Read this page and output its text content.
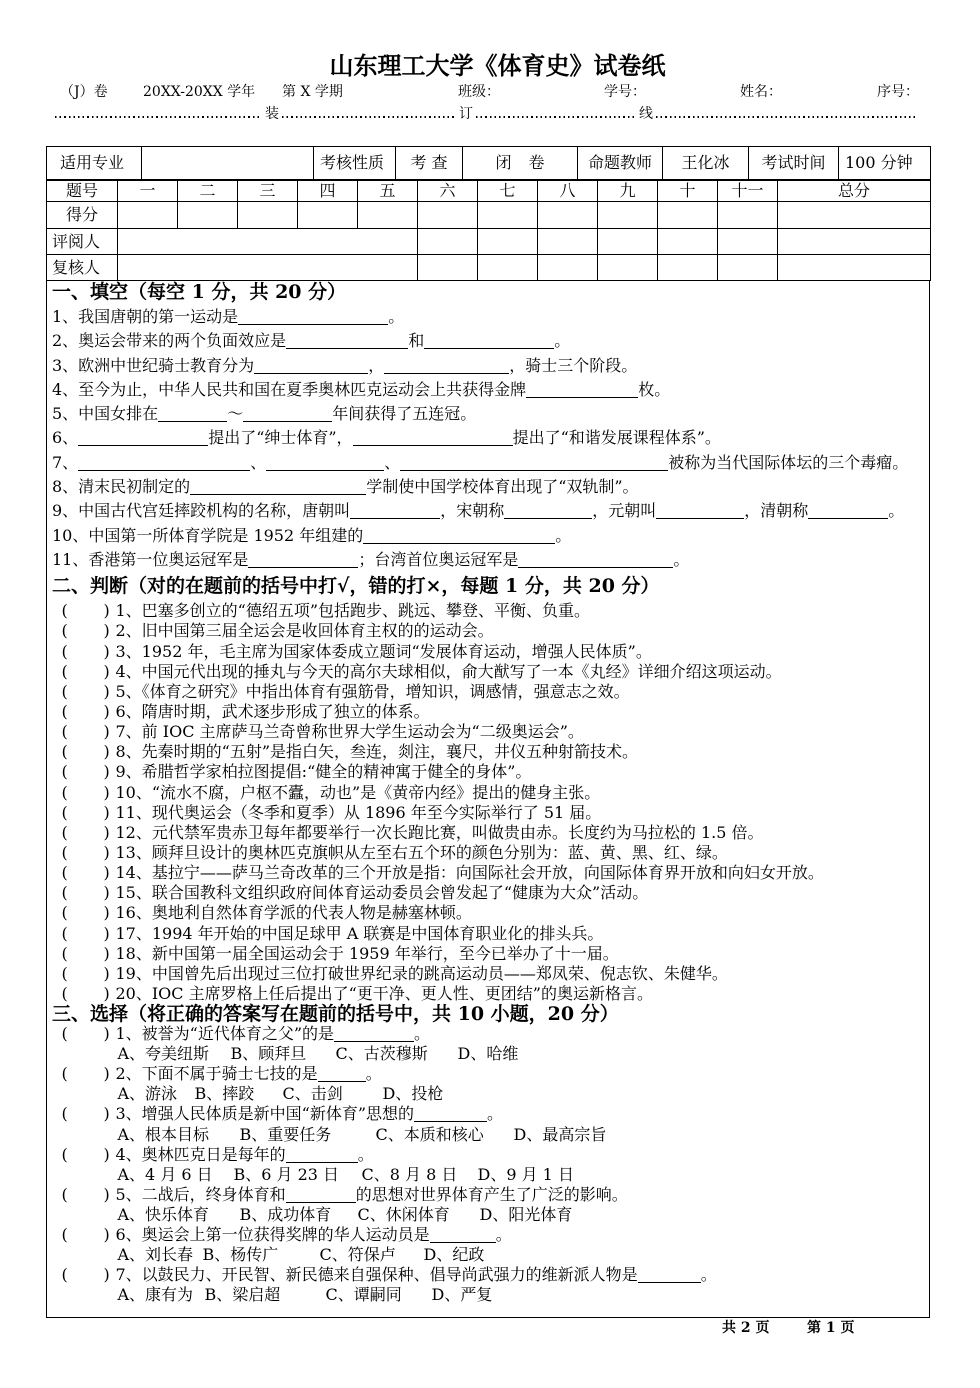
山东理工大学《体育史》试卷纸
（J）卷	20XX-20XX 学年 第 X 学期	班级：	学号：	姓名：	序号：
装	订	线
适用专业		考核性质	考 查	闭 卷	命题教师	王化冰	考试时间	100 分钟
题号	一	二	三	四	五	六	七	八	九	十	十一	总分
得分												
评阅人												
复核人												
一、填空（每空 1 分，共 20 分）
1、我国唐朝的第一运动是	。
2、奥运会带来的两个负面效应是	和	。
3、欧洲中世纪骑士教育分为	，	，骑士三个阶段。
4、至今为止，中华人民共和国在夏季奥林匹克运动会上共获得金牌	枚。
5、中国女排在	～	年间获得了五连冠。
6、	提出了“绅士体育”，	提出了“和谐发展课程体系”。
7、	、	、	被称为当代国际体坛的三个毒瘤。
8、清末民初制定的	学制使中国学校体育出现了“双轨制”。
9、中国古代宫廷摔跤机构的名称，唐朝叫	，宋朝称	，元朝叫	，清朝称	。
10、中国第一所体育学院是 1952 年组建的	。
11、香港第一位奥运冠军是	；台湾首位奥运冠军是	。
二、判断（对的在题前的括号中打√，错的打×，每题 1 分，共 20 分）
( ) 1、巴塞多创立的“德绍五项”包括跑步、跳远、攀登、平衡、负重。
( ) 2、旧中国第三届全运会是收回体育主权的的运动会。
( ) 3、1952 年，毛主席为国家体委成立题词“发展体育运动，增强人民体质”。
( ) 4、中国元代出现的捶丸与今天的高尔夫球相似，俞大猷写了一本《丸经》详细介绍这项运动。
( ) 5、《体育之研究》中指出体育有强筋骨，增知识，调感情，强意志之效。
( ) 6、隋唐时期，武术逐步形成了独立的体系。
( ) 7、前 IOC 主席萨马兰奇曾称世界大学生运动会为“二级奥运会”。
( ) 8、先秦时期的“五射”是指白矢，叁连，剡注，襄尺，井仪五种射箭技术。
( ) 9、希腊哲学家柏拉图提倡:“健全的精神寓于健全的身体”。
( ) 10、“流水不腐，户枢不蠹，动也”是《黄帝内经》提出的健身主张。
( ) 11、现代奥运会（冬季和夏季）从 1896 年至今实际举行了 51 届。
( ) 12、元代禁军贵赤卫每年都要举行一次长跑比赛，叫做贵由赤。长度约为马拉松的 1.5 倍。
( ) 13、顾拜旦设计的奥林匹克旗帜从左至右五个环的颜色分别为：蓝、黄、黑、红、绿。
( ) 14、基拉宁——萨马兰奇改革的三个开放是指：向国际社会开放，向国际体育界开放和向妇女开放。
( ) 15、联合国教科文组织政府间体育运动委员会曾发起了“健康为大众”活动。
( ) 16、奥地利自然体育学派的代表人物是赫塞林顿。
( ) 17、1994 年开始的中国足球甲 A 联赛是中国体育职业化的排头兵。
( ) 18、新中国第一届全国运动会于 1959 年举行，至今已举办了十一届。
( ) 19、中国曾先后出现过三位打破世界纪录的跳高运动员——郑凤荣、倪志钦、朱健华。
( ) 20、IOC 主席罗格上任后提出了“更干净、更人性、更团结”的奥运新格言。
三、选择（将正确的答案写在题前的括号中，共 10 小题，20 分）
( ) 1、被誉为“近代体育之父”的是	。
A、夸美纽斯 B、顾拜旦 C、古茨穆斯 D、哈维
( ) 2、下面不属于骑士七技的是	。
A、游泳 B、摔跤 C、击剑 D、投枪
( ) 3、增强人民体质是新中国“新体育”思想的	。
A、根本目标 B、重要任务	C、本质和核心 D、最高宗旨
( ) 4、奥林匹克日是每年的	。
A、4 月 6 日 B、6 月 23 日 C、8 月 8 日 D、9 月 1 日
( ) 5、二战后，终身体育和	的思想对世界体育产生了广泛的影响。
A、快乐体育 B、成功体育 C、休闲体育 D、阳光体育
( ) 6、奥运会上第一位获得奖牌的华人运动员是	。
A、刘长春 B、杨传广	C、符保卢 D、纪政
( ) 7、以鼓民力、开民智、新民德来自强保种、倡导尚武强力的维新派人物是	。
A、康有为 B、梁启超	C、谭嗣同 D、严复
共 2 页	第 1 页
